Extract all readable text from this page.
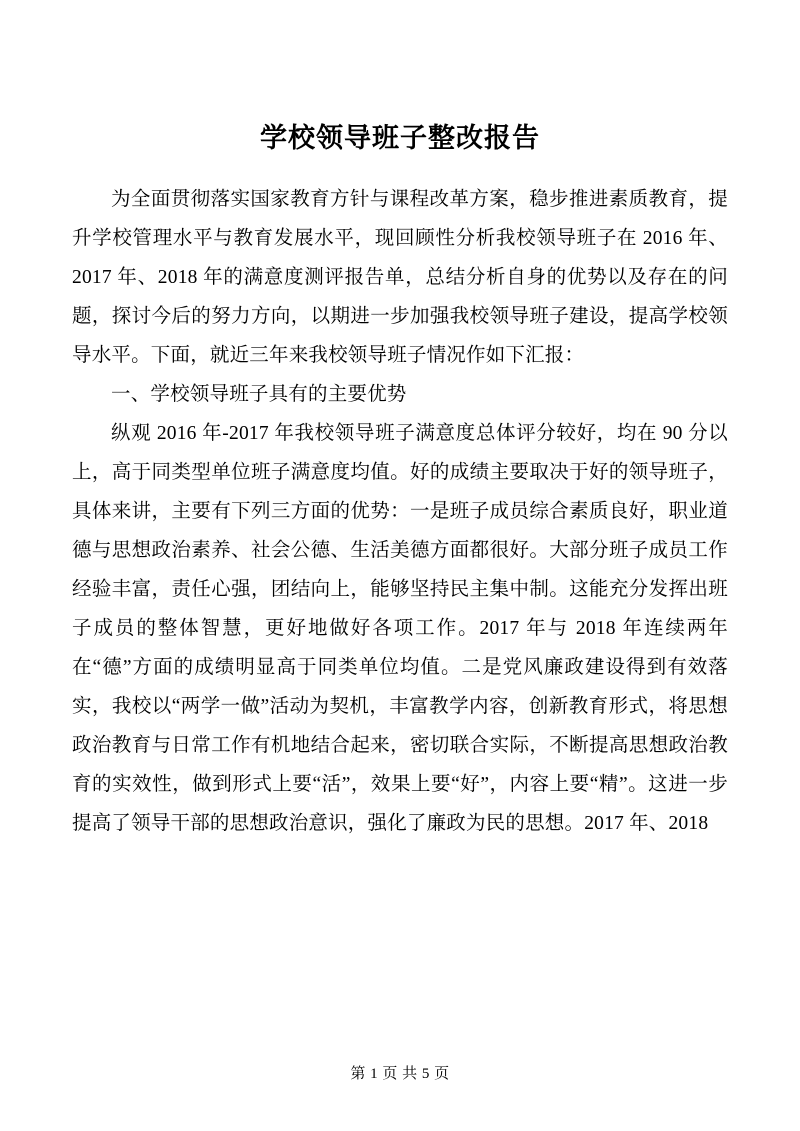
学校领导班子整改报告

为全面贯彻落实国家教育方针与课程改革方案，稳步推进素质教育，提升学校管理水平与教育发展水平，现回顾性分析我校领导班子在 2016 年、2017 年、2018 年的满意度测评报告单，总结分析自身的优势以及存在的问题，探讨今后的努力方向，以期进一步加强我校领导班子建设，提高学校领导水平。下面，就近三年来我校领导班子情况作如下汇报：

一、学校领导班子具有的主要优势

纵观 2016 年-2017 年我校领导班子满意度总体评分较好，均在 90 分以上，高于同类型单位班子满意度均值。好的成绩主要取决于好的领导班子，具体来讲，主要有下列三方面的优势：一是班子成员综合素质良好，职业道德与思想政治素养、社会公德、生活美德方面都很好。大部分班子成员工作经验丰富，责任心强，团结向上，能够坚持民主集中制。这能充分发挥出班子成员的整体智慧，更好地做好各项工作。2017 年与 2018 年连续两年在“德”方面的成绩明显高于同类单位均值。二是党风廉政建设得到有效落实，我校以“两学一做”活动为契机，丰富教学内容，创新教育形式，将思想政治教育与日常工作有机地结合起来，密切联合实际，不断提高思想政治教育的实效性，做到形式上要“活”，效果上要“好”，内容上要“精”。这进一步提高了领导干部的思想政治意识，强化了廉政为民的思想。2017 年、2018

第 1 页 共 5 页
